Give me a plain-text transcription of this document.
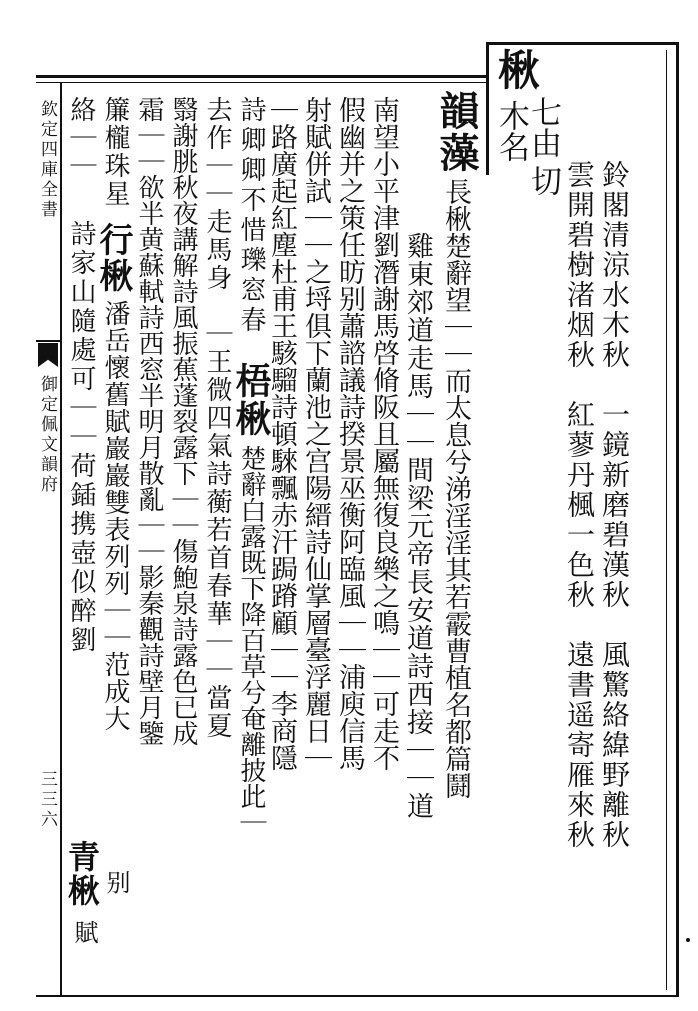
楸
七由
木名
切
欽定四庫全書
御定佩文韻府
三三六	鈴閣清涼水木秋　一鏡新磨碧漢秋　風驚絡緯野離秋
雲開碧樹渚烟秋　紅蓼丹楓一色秋　遠書遥寄雁來秋
韻藻
長楸楚辭望｜｜而太息兮涕淫淫其若霰曹植名都篇鬪
雞東郊道走馬｜｜間梁元帝長安道詩西接｜｜道
南望小平津劉潛謝馬啓脩阪且屬無復良樂之鳴｜｜可走不
假幽并之策任昉别蕭諮議詩揆景巫衡阿臨風｜｜浦庾信馬
射賦併試｜｜之埒俱下蘭池之宫陽縉詩仙掌層臺浮麗日｜
｜路廣起紅塵杜甫王駭騮詩頓騋飄赤汗跼蹐顧｜｜李商隱
詩卿卿不惜瓅窓春
梧楸
楚辭白露既下降百草兮奄離披此｜
去作｜｜走馬身　｜王微四氣詩蘅若首春華｜｜當夏
翳謝朓秋夜講解詩風振蕉蓬裂露下｜｜傷鮑泉詩露色已成
霜｜｜欲半黄蘇軾詩西窓半明月散亂｜｜影秦觀詩壁月鑒
簾櫳珠星
行楸
潘岳懷舊賦巖巖雙表列列｜｜范成大
詩家山隨處可｜｜荷鍤携壺似醉劉
絡｜｜
青楸
賦
别
